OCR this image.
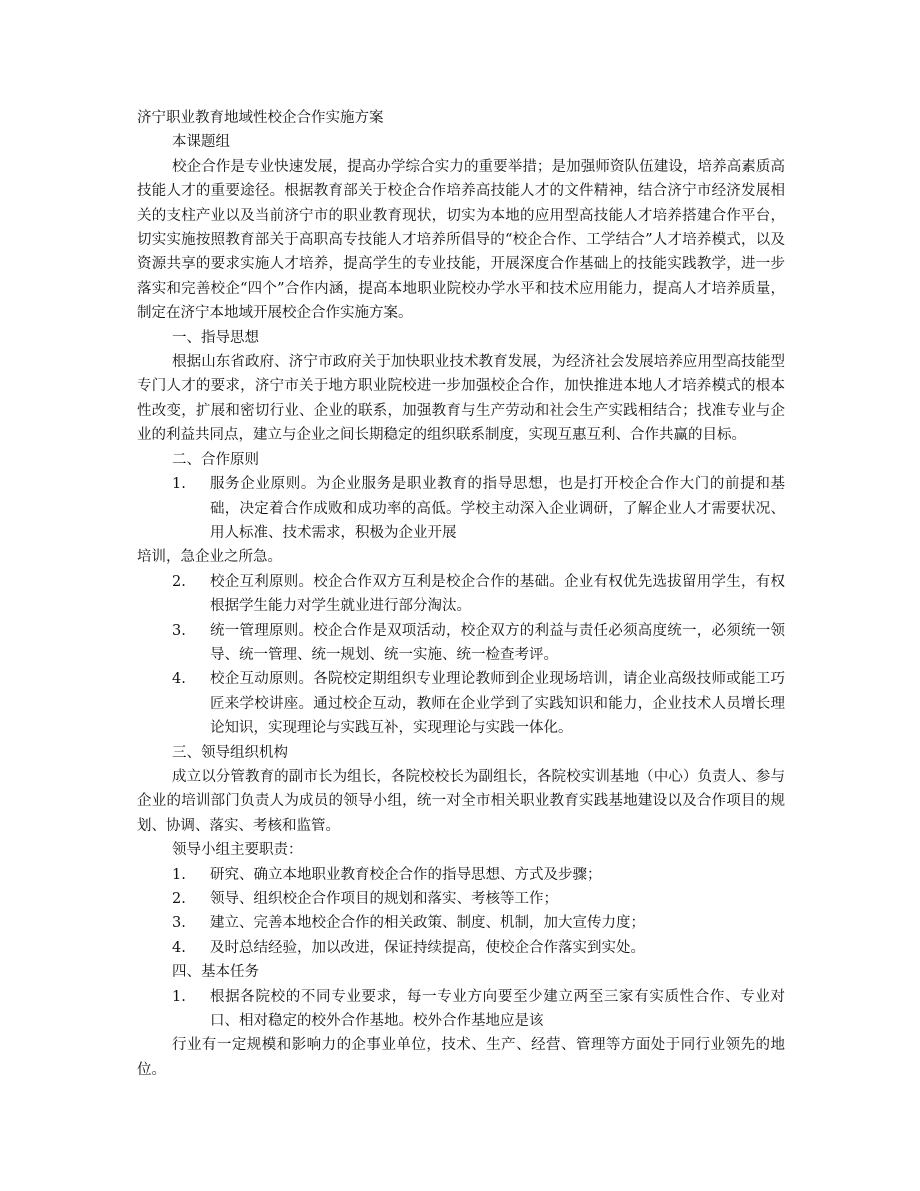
济宁职业教育地域性校企合作实施方案

本课题组

校企合作是专业快速发展，提高办学综合实力的重要举措；是加强师资队伍建设，培养高素质高技能人才的重要途径。根据教育部关于校企合作培养高技能人才的文件精神，结合济宁市经济发展相关的支柱产业以及当前济宁市的职业教育现状，切实为本地的应用型高技能人才培养搭建合作平台，切实实施按照教育部关于高职高专技能人才培养所倡导的“校企合作、工学结合”人才培养模式，以及资源共享的要求实施人才培养，提高学生的专业技能，开展深度合作基础上的技能实践教学，进一步落实和完善校企“四个”合作内涵，提高本地职业院校办学水平和技术应用能力，提高人才培养质量，制定在济宁本地域开展校企合作实施方案。

一、指导思想

根据山东省政府、济宁市政府关于加快职业技术教育发展，为经济社会发展培养应用型高技能型专门人才的要求，济宁市关于地方职业院校进一步加强校企合作，加快推进本地人才培养模式的根本性改变，扩展和密切行业、企业的联系，加强教育与生产劳动和社会生产实践相结合；找准专业与企业的利益共同点，建立与企业之间长期稳定的组织联系制度，实现互惠互利、合作共赢的目标。

二、合作原则

1.	服务企业原则。为企业服务是职业教育的指导思想，也是打开校企合作大门的前提和基础，决定着合作成败和成功率的高低。学校主动深入企业调研，了解企业人才需要状况、用人标准、技术需求，积极为企业开展

培训，急企业之所急。

2.	校企互利原则。校企合作双方互利是校企合作的基础。企业有权优先选拔留用学生，有权根据学生能力对学生就业进行部分淘汰。
3.	统一管理原则。校企合作是双项活动，校企双方的利益与责任必须高度统一，必须统一领导、统一管理、统一规划、统一实施、统一检查考评。
4.	校企互动原则。各院校定期组织专业理论教师到企业现场培训，请企业高级技师或能工巧匠来学校讲座。通过校企互动，教师在企业学到了实践知识和能力，企业技术人员增长理论知识，实现理论与实践互补，实现理论与实践一体化。

三、领导组织机构

成立以分管教育的副市长为组长，各院校校长为副组长，各院校实训基地（中心）负责人、参与企业的培训部门负责人为成员的领导小组，统一对全市相关职业教育实践基地建设以及合作项目的规划、协调、落实、考核和监管。

领导小组主要职责：

1.	研究、确立本地职业教育校企合作的指导思想、方式及步骤；
2.	领导、组织校企合作项目的规划和落实、考核等工作；
3.	建立、完善本地校企合作的相关政策、制度、机制，加大宣传力度；
4.	及时总结经验，加以改进，保证持续提高，使校企合作落实到实处。

四、基本任务

1.	根据各院校的不同专业要求，每一专业方向要至少建立两至三家有实质性合作、专业对口、相对稳定的校外合作基地。校外合作基地应是该

行业有一定规模和影响力的企事业单位，技术、生产、经营、管理等方面处于同行业领先的地位。
